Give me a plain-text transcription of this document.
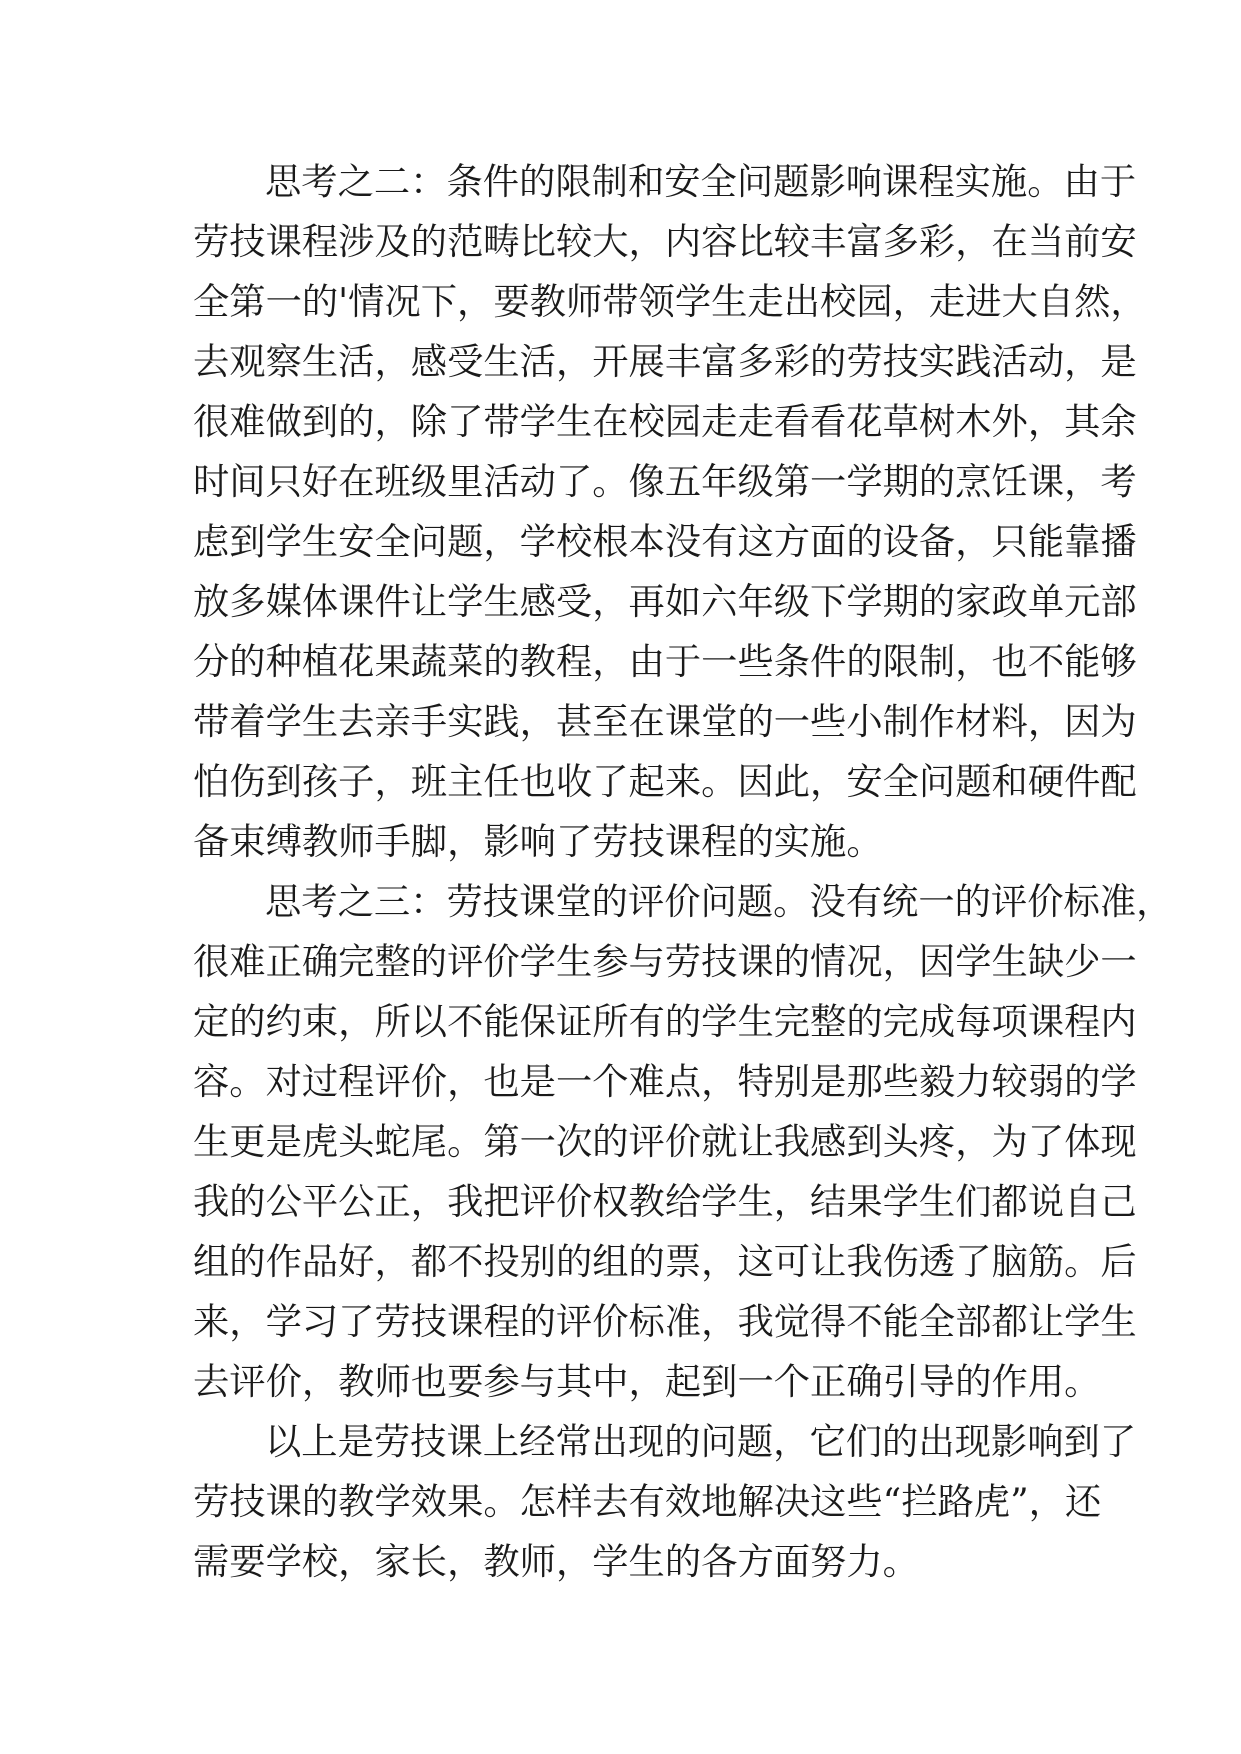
思考之二：条件的限制和安全问题影响课程实施。由于
劳技课程涉及的范畴比较大，内容比较丰富多彩，在当前安
全第一的'情况下，要教师带领学生走出校园，走进大自然，
去观察生活，感受生活，开展丰富多彩的劳技实践活动，是
很难做到的，除了带学生在校园走走看看花草树木外，其余
时间只好在班级里活动了。像五年级第一学期的烹饪课，考
虑到学生安全问题，学校根本没有这方面的设备，只能靠播
放多媒体课件让学生感受，再如六年级下学期的家政单元部
分的种植花果蔬菜的教程，由于一些条件的限制，也不能够
带着学生去亲手实践，甚至在课堂的一些小制作材料，因为
怕伤到孩子，班主任也收了起来。因此，安全问题和硬件配
备束缚教师手脚，影响了劳技课程的实施。
思考之三：劳技课堂的评价问题。没有统一的评价标准，
很难正确完整的评价学生参与劳技课的情况，因学生缺少一
定的约束，所以不能保证所有的学生完整的完成每项课程内
容。对过程评价，也是一个难点，特别是那些毅力较弱的学
生更是虎头蛇尾。第一次的评价就让我感到头疼，为了体现
我的公平公正，我把评价权教给学生，结果学生们都说自己
组的作品好，都不投别的组的票，这可让我伤透了脑筋。后
来，学习了劳技课程的评价标准，我觉得不能全部都让学生
去评价，教师也要参与其中，起到一个正确引导的作用。
以上是劳技课上经常出现的问题，它们的出现影响到了
劳技课的教学效果。怎样去有效地解决这些“拦路虎”，还
需要学校，家长，教师，学生的各方面努力。
